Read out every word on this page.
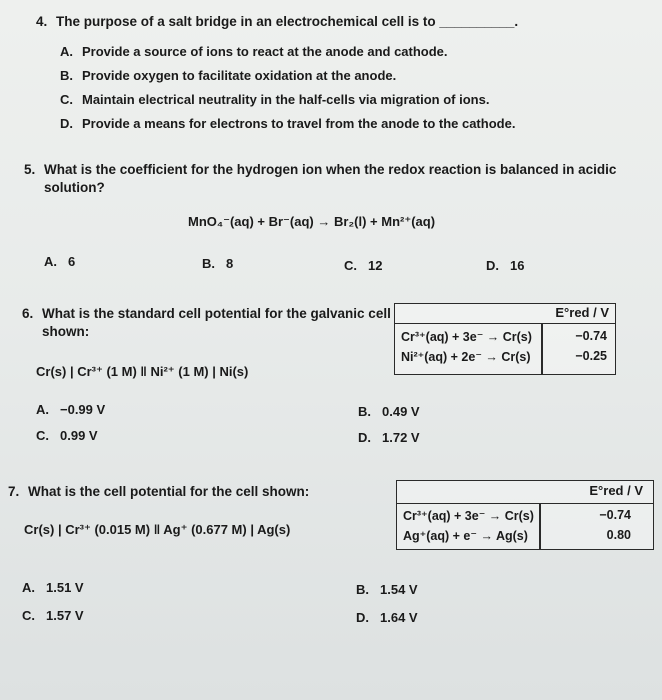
4. The purpose of a salt bridge in an electrochemical cell is to __________.
A. Provide a source of ions to react at the anode and cathode.
B. Provide oxygen to facilitate oxidation at the anode.
C. Maintain electrical neutrality in the half-cells via migration of ions.
D. Provide a means for electrons to travel from the anode to the cathode.
5. What is the coefficient for the hydrogen ion when the redox reaction is balanced in acidic
solution?
MnO₄⁻(aq) + Br⁻(aq) → Br₂(l) + Mn²⁺(aq)
A. 6	B. 8	C. 12	D. 16
6. What is the standard cell potential for the galvanic cell
shown:
Cr(s) | Cr³⁺ (1 M) ‖ Ni²⁺ (1 M) | Ni(s)
E°red / V
Cr³⁺(aq) + 3e⁻ → Cr(s)	−0.74
Ni²⁺(aq) + 2e⁻ → Cr(s)	−0.25
A. −0.99 V	B. 0.49 V
C. 0.99 V	D. 1.72 V
7. What is the cell potential for the cell shown:
Cr(s) | Cr³⁺ (0.015 M) ‖ Ag⁺ (0.677 M) | Ag(s)
E°red / V
Cr³⁺(aq) + 3e⁻ → Cr(s)	−0.74
Ag⁺(aq) + e⁻ → Ag(s)	0.80
A. 1.51 V	B. 1.54 V
C. 1.57 V	D. 1.64 V
